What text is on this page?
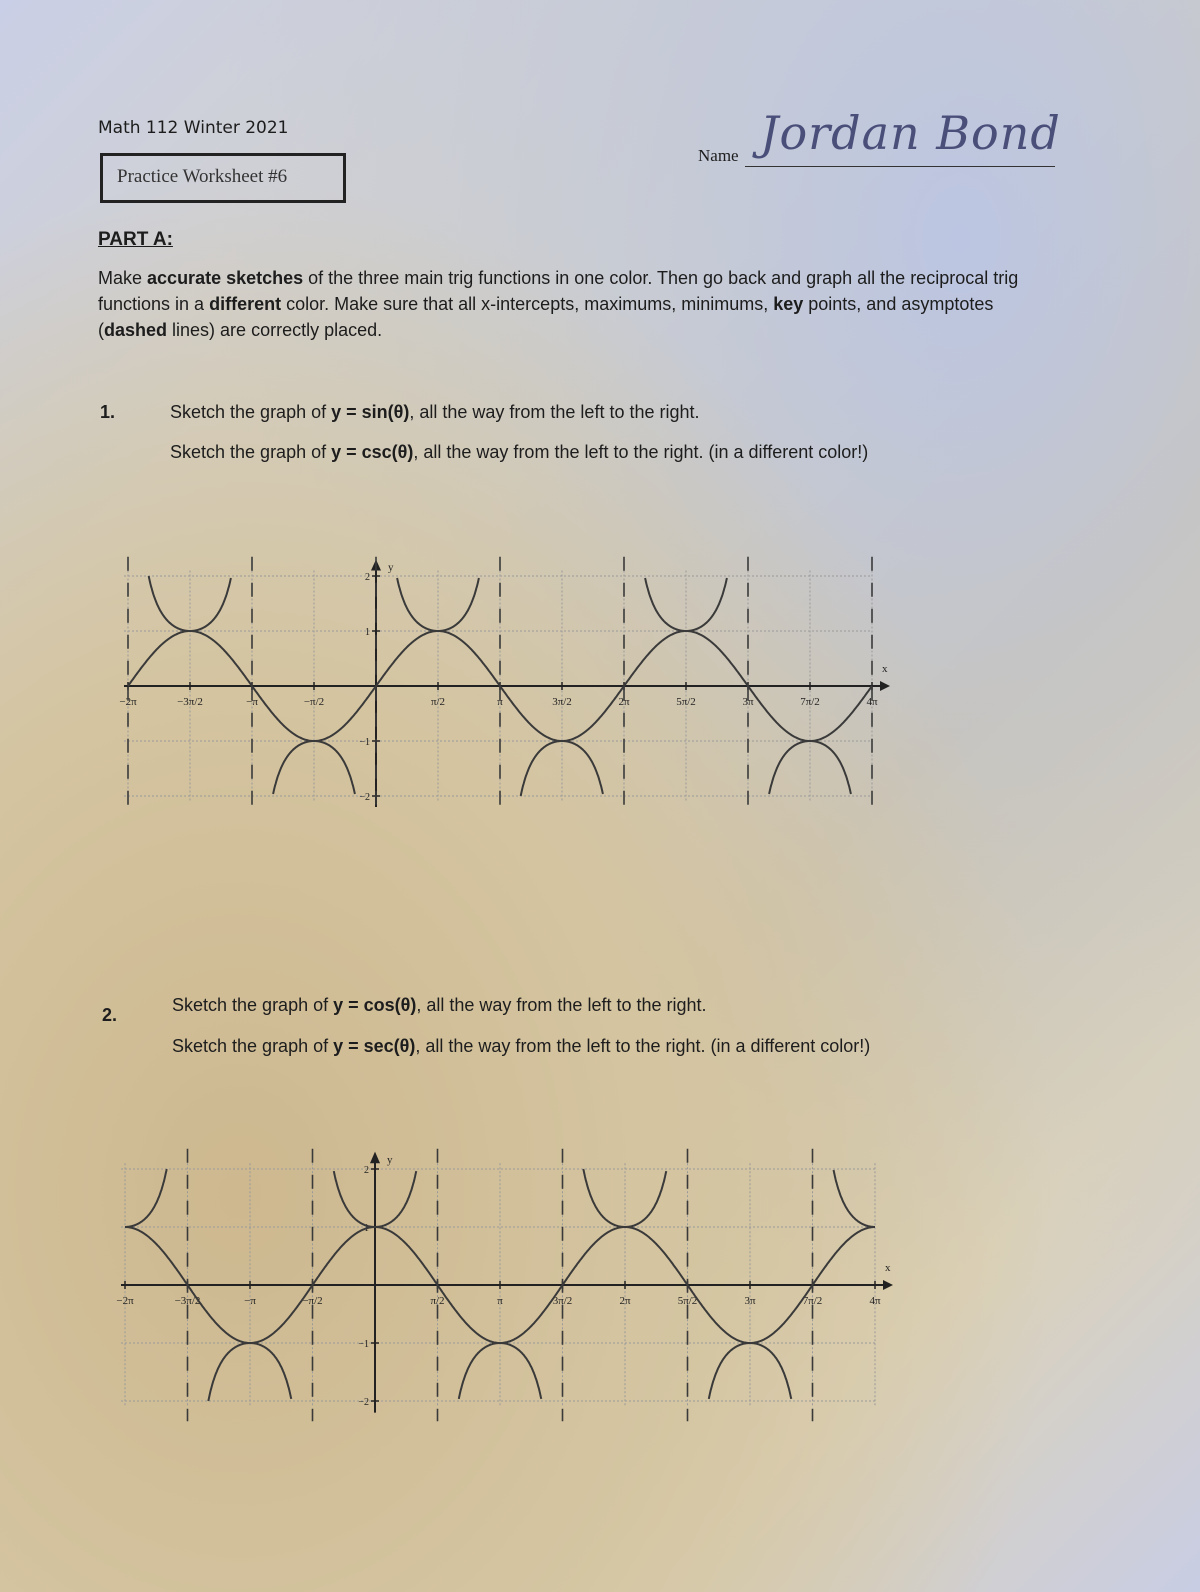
Math 112 Winter 2021
Practice Worksheet #6
Name Jordan Bond
PART A:
Make accurate sketches of the three main trig functions in one color. Then go back and graph all the reciprocal trig functions in a different color. Make sure that all x-intercepts, maximums, minimums, key points, and asymptotes (dashed lines) are correctly placed.
1.	Sketch the graph of y = sin(θ), all the way from the left to the right.
Sketch the graph of y = csc(θ), all the way from the left to the right. (in a different color!)
x
y
−2π	−3π/2	−π	−π/2	π/2	π	3π/2	2π	5π/2	3π	7π/2	4π
2
1
−1
−2
2.	Sketch the graph of y = cos(θ), all the way from the left to the right.
Sketch the graph of y = sec(θ), all the way from the left to the right. (in a different color!)
x
y
−2π	−3π/2	−π	−π/2	π/2	π	3π/2	2π	5π/2	3π	7π/2	4π
2
1
−1
−2
